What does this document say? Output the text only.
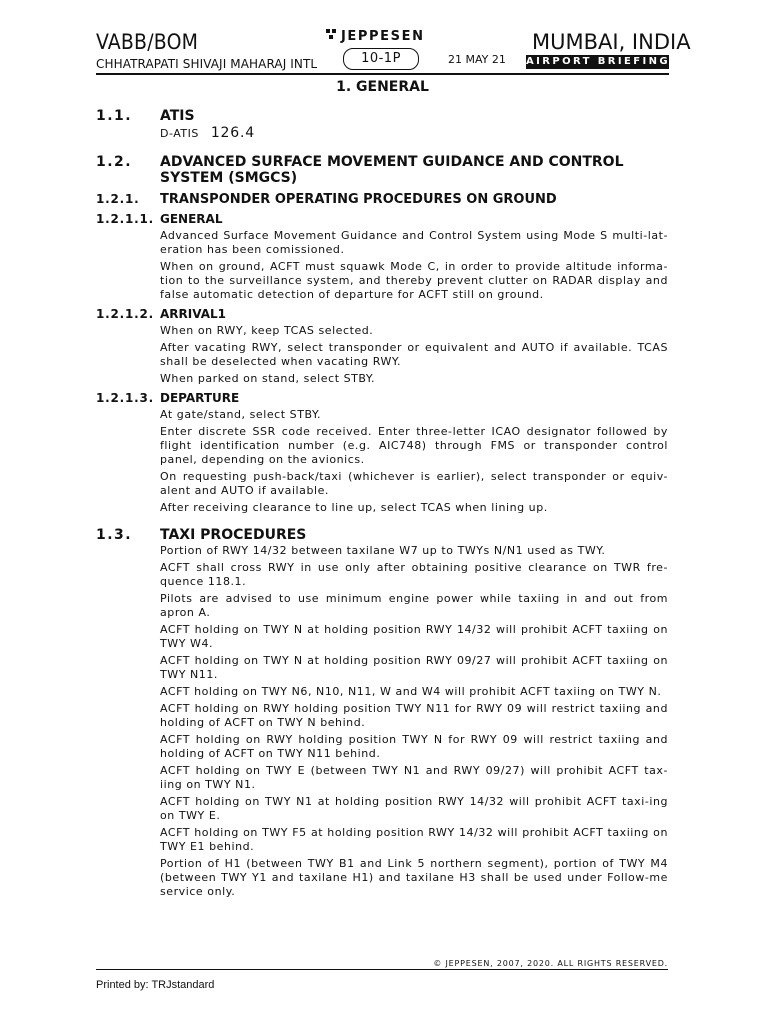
VABB/BOM
CHHATRAPATI SHIVAJI MAHARAJ INTL
JEPPESEN
10-1P	21 MAY 21
MUMBAI, INDIA
AIRPORT BRIEFING
1. GENERAL
1.1. ATIS
D-ATIS 126.4
1.2. ADVANCED SURFACE MOVEMENT GUIDANCE AND CONTROL SYSTEM (SMGCS)
1.2.1. TRANSPONDER OPERATING PROCEDURES ON GROUND
1.2.1.1. GENERAL
Advanced Surface Movement Guidance and Control System using Mode S multi-lat-eration has been comissioned.
When on ground, ACFT must squawk Mode C, in order to provide altitude informa-tion to the surveillance system, and thereby prevent clutter on RADAR display and false automatic detection of departure for ACFT still on ground.
1.2.1.2. ARRIVAL1
When on RWY, keep TCAS selected.
After vacating RWY, select transponder or equivalent and AUTO if available. TCAS shall be deselected when vacating RWY.
When parked on stand, select STBY.
1.2.1.3. DEPARTURE
At gate/stand, select STBY.
Enter discrete SSR code received. Enter three-letter ICAO designator followed by flight identification number (e.g. AIC748) through FMS or transponder control panel, depending on the avionics.
On requesting push-back/taxi (whichever is earlier), select transponder or equiv-alent and AUTO if available.
After receiving clearance to line up, select TCAS when lining up.
1.3. TAXI PROCEDURES
Portion of RWY 14/32 between taxilane W7 up to TWYs N/N1 used as TWY.
ACFT shall cross RWY in use only after obtaining positive clearance on TWR fre-quence 118.1.
Pilots are advised to use minimum engine power while taxiing in and out from apron A.
ACFT holding on TWY N at holding position RWY 14/32 will prohibit ACFT taxiing on TWY W4.
ACFT holding on TWY N at holding position RWY 09/27 will prohibit ACFT taxiing on TWY N11.
ACFT holding on TWY N6, N10, N11, W and W4 will prohibit ACFT taxiing on TWY N.
ACFT holding on RWY holding position TWY N11 for RWY 09 will restrict taxiing and holding of ACFT on TWY N behind.
ACFT holding on RWY holding position TWY N for RWY 09 will restrict taxiing and holding of ACFT on TWY N11 behind.
ACFT holding on TWY E (between TWY N1 and RWY 09/27) will prohibit ACFT tax-iing on TWY N1.
ACFT holding on TWY N1 at holding position RWY 14/32 will prohibit ACFT taxi-ing on TWY E.
ACFT holding on TWY F5 at holding position RWY 14/32 will prohibit ACFT taxiing on TWY E1 behind.
Portion of H1 (between TWY B1 and Link 5 northern segment), portion of TWY M4 (between TWY Y1 and taxilane H1) and taxilane H3 shall be used under Follow-me service only.
© JEPPESEN, 2007, 2020. ALL RIGHTS RESERVED.
Printed by: TRJstandard
